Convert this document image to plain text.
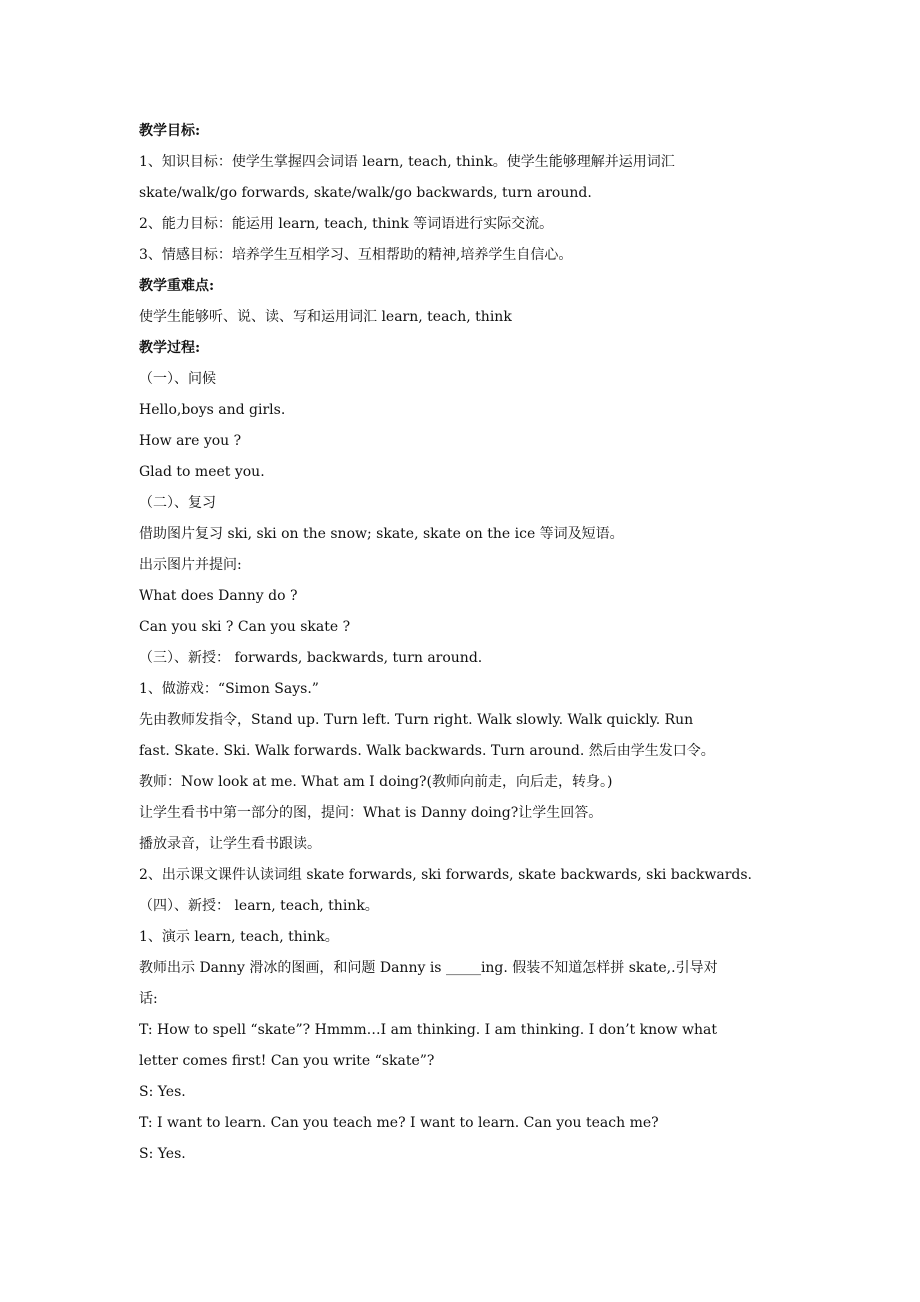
教学目标:
1、知识目标：使学生掌握四会词语 learn, teach, think。使学生能够理解并运用词汇
skate/walk/go forwards, skate/walk/go backwards, turn around.
2、能力目标：能运用 learn, teach, think 等词语进行实际交流。
3、情感目标：培养学生互相学习、互相帮助的精神,培养学生自信心。
教学重难点:
使学生能够听、说、读、写和运用词汇 learn, teach, think
教学过程:
（一）、问候
Hello,boys and girls.
How are you ?
Glad to meet you.
（二）、复习
借助图片复习 ski, ski on the snow; skate, skate on the ice 等词及短语。
出示图片并提问:
What does Danny do ?
Can you ski ? Can you skate ?
（三）、新授： forwards, backwards, turn around.
1、做游戏：“Simon Says.”
先由教师发指令，Stand up. Turn left. Turn right. Walk slowly. Walk quickly. Run
fast. Skate. Ski. Walk forwards. Walk backwards. Turn around. 然后由学生发口令。
教师：Now look at me. What am I doing?(教师向前走，向后走，转身。)
让学生看书中第一部分的图，提问：What is Danny doing?让学生回答。
播放录音，让学生看书跟读。
2、出示课文课件认读词组 skate forwards, ski forwards, skate backwards, ski backwards.
（四）、新授： learn, teach, think。
1、演示 learn, teach, think。
教师出示 Danny 滑冰的图画，和问题 Danny is _____ing. 假装不知道怎样拼 skate,.引导对
话:
T: How to spell “skate”? Hmmm…I am thinking. I am thinking. I don’t know what
letter comes first! Can you write “skate”?
S: Yes.
T: I want to learn. Can you teach me? I want to learn. Can you teach me?
S: Yes.
